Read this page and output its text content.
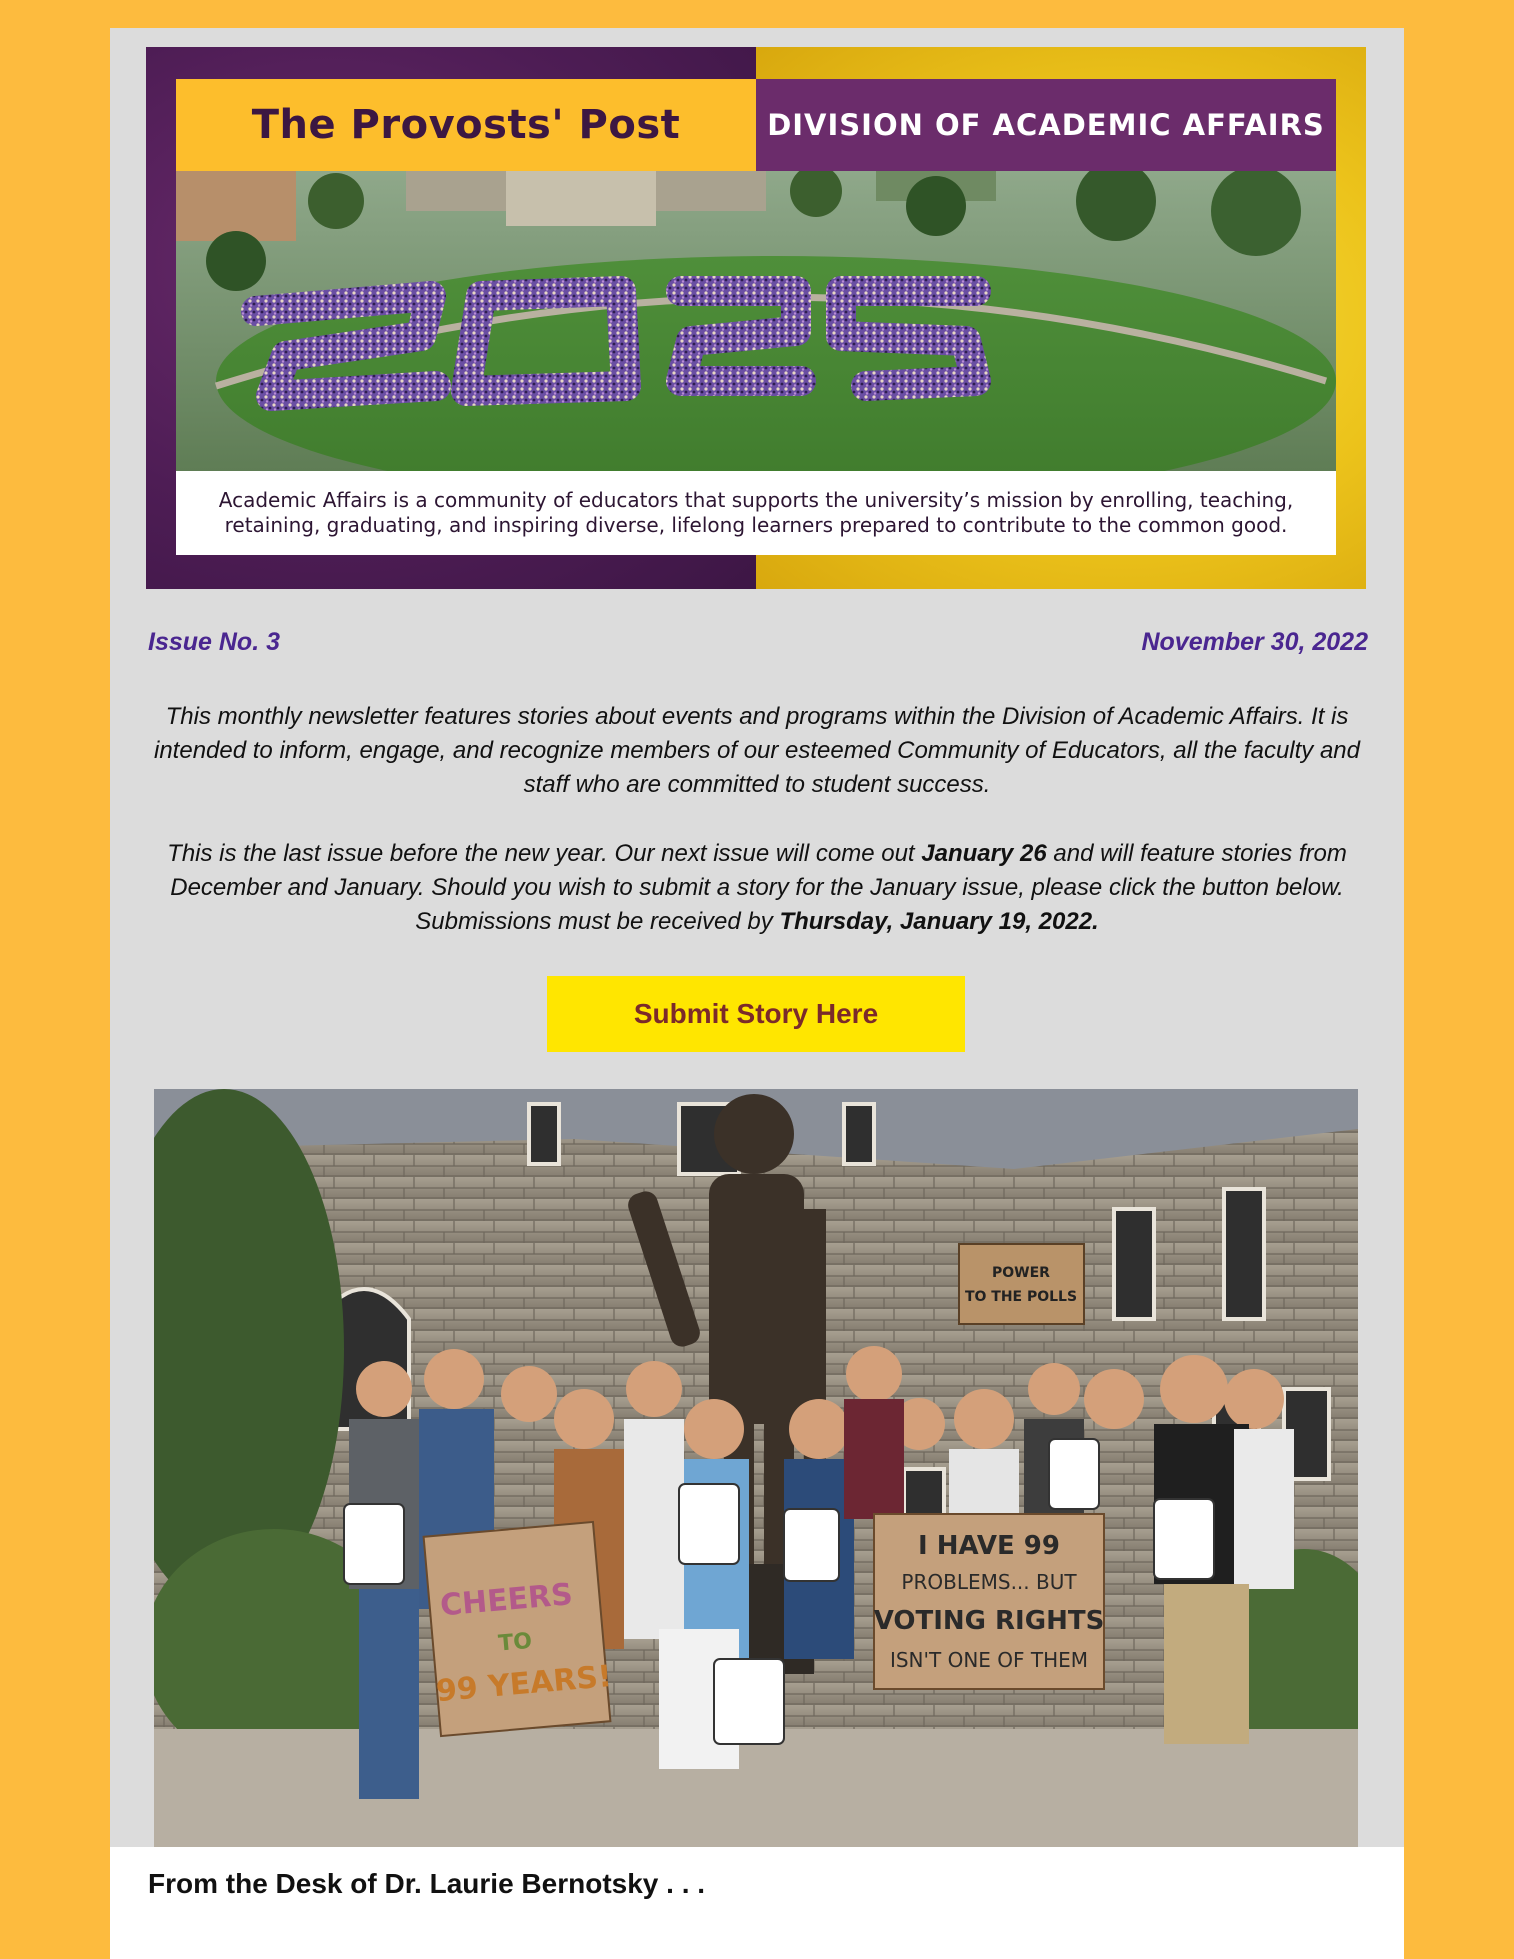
The Provosts' Post	DIVISION OF ACADEMIC AFFAIRS
Academic Affairs is a community of educators that supports the university’s mission by enrolling, teaching, retaining, graduating, and inspiring diverse, lifelong learners prepared to contribute to the common good.
Issue No. 3	November 30, 2022
This monthly newsletter features stories about events and programs within the Division of Academic Affairs. It is intended to inform, engage, and recognize members of our esteemed Community of Educators, all the faculty and staff who are committed to student success.
This is the last issue before the new year. Our next issue will come out January 26 and will feature stories from December and January. Should you wish to submit a story for the January issue, please click the button below. Submissions must be received by Thursday, January 19, 2022.
Submit Story Here
POWER
TO THE POLLS
CHEERS
TO
99 YEARS!
I HAVE 99
PROBLEMS... BUT
VOTING RIGHTS
ISN'T ONE OF THEM
From the Desk of Dr. Laurie Bernotsky . . .
